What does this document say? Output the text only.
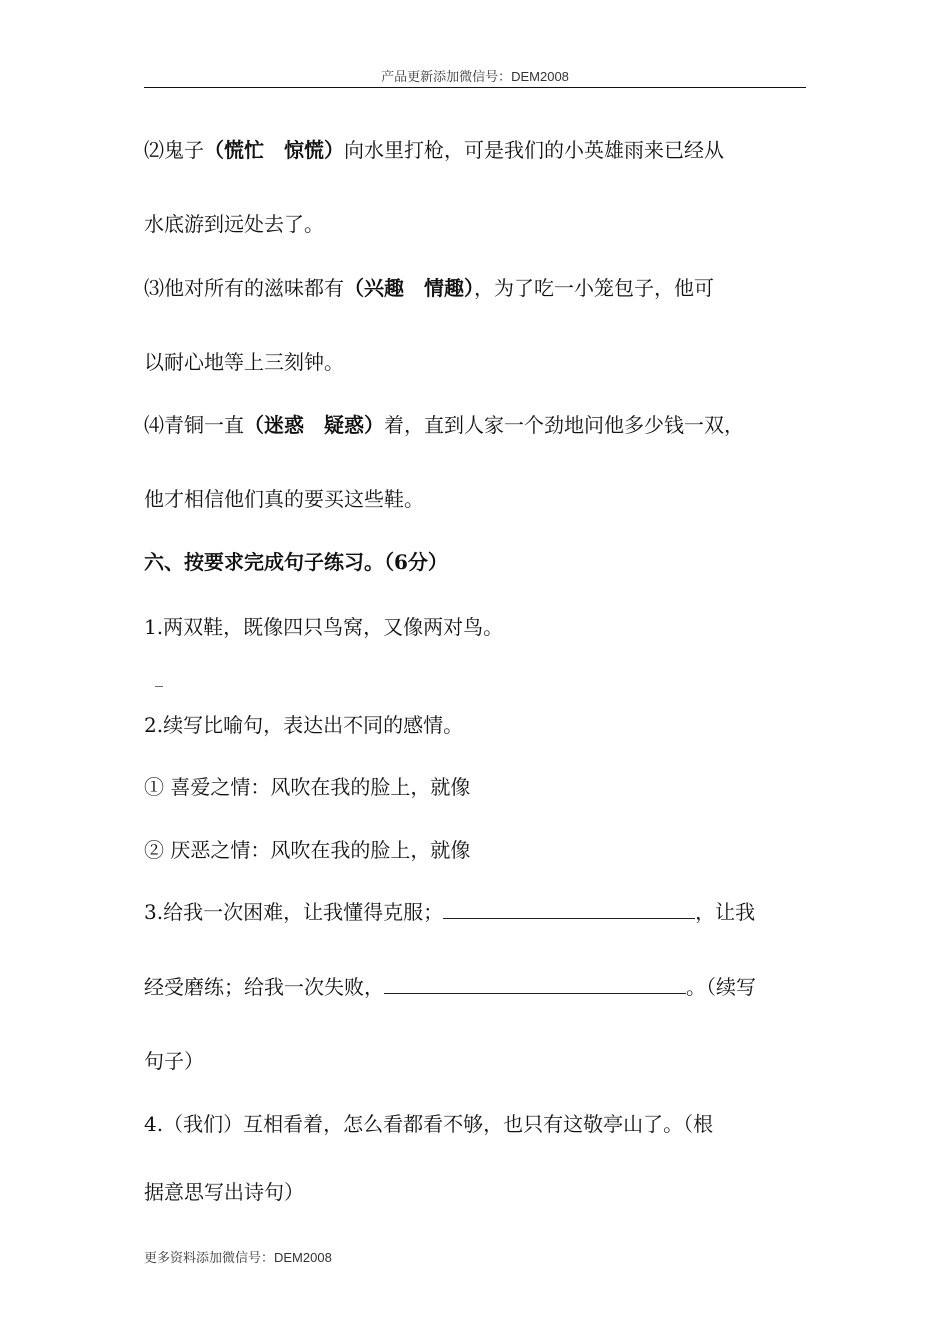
产品更新添加微信号：DEM2008
⑵鬼子（慌忙　惊慌）向水里打枪，可是我们的小英雄雨来已经从
水底游到远处去了。
⑶他对所有的滋味都有（兴趣　情趣），为了吃一小笼包子，他可
以耐心地等上三刻钟。
⑷青铜一直（迷惑　疑惑）着，直到人家一个劲地问他多少钱一双，
他才相信他们真的要买这些鞋。
六、按要求完成句子练习。（6分）
1.两双鞋，既像四只鸟窝，又像两对鸟。
_
2.续写比喻句，表达出不同的感情。
① 喜爱之情：风吹在我的脸上，就像
② 厌恶之情：风吹在我的脸上，就像
3.给我一次困难，让我懂得克服；	，让我
经受磨练；给我一次失败，	。（续写
句子）
4.（我们）互相看着，怎么看都看不够，也只有这敬亭山了。（根
据意思写出诗句）
更多资料添加微信号：DEM2008
